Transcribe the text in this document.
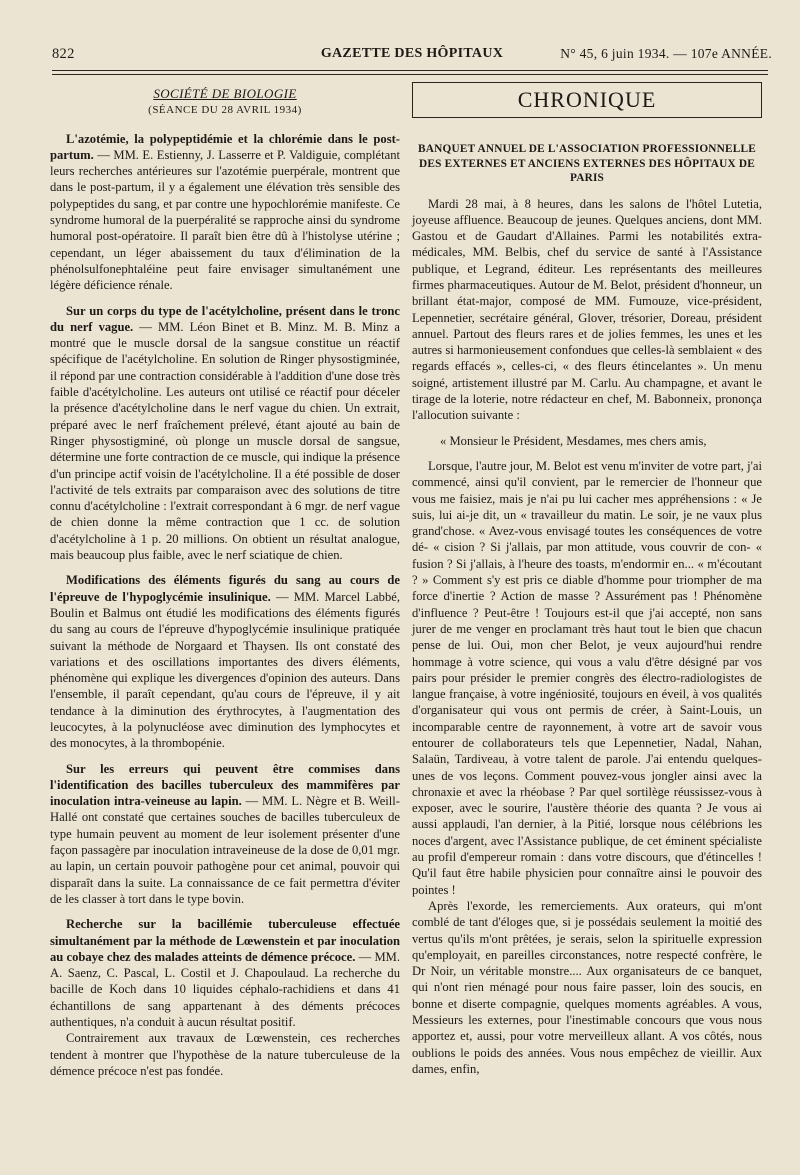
822	GAZETTE DES HÔPITAUX	N° 45, 6 juin 1934. — 107e ANNÉE.
SOCIÉTÉ DE BIOLOGIE
(SÉANCE DU 28 AVRIL 1934)

L'azotémie, la polypeptidémie et la chlorémie dans le post-partum. — MM. E. Estienny, J. Lasserre et P. Valdiguie, complétant leurs recherches antérieures sur l'azotémie puerpérale, montrent que dans le post-partum, il y a également une élévation très sensible des polypeptides du sang, et par contre une hypochlorémie manifeste. Ce syndrome humoral de la puerpéralité se rapproche ainsi du syndrome humoral post-opératoire. Il paraît bien être dû à l'histolyse utérine ; cependant, un léger abaissement du taux d'élimination de la phénolsulfonephtaléine peut faire envisager simultanément une légère déficience rénale.

Sur un corps du type de l'acétylcholine, présent dans le tronc du nerf vague. — MM. Léon Binet et B. Minz. M. B. Minz a montré que le muscle dorsal de la sangsue constitue un réactif spécifique de l'acétylcholine. En solution de Ringer physostigminée, il répond par une contraction considérable à l'addition d'une dose très faible d'acétylcholine. Les auteurs ont utilisé ce réactif pour déceler la présence d'acétylcholine dans le nerf vague du chien. Un extrait, préparé avec le nerf fraîchement prélevé, étant ajouté au bain de Ringer physostigminé, où plonge un muscle dorsal de sangsue, détermine une forte contraction de ce muscle, qui indique la présence d'un principe actif voisin de l'acétylcholine. Il a été possible de doser l'activité de tels extraits par comparaison avec des solutions de titre connu d'acétylcholine : l'extrait correspondant à 6 mgr. de nerf vague de chien donne la même contraction que 1 cc. de solution d'acétylcholine à 1 p. 20 millions. On obtient un résultat analogue, mais beaucoup plus faible, avec le nerf sciatique de chien.

Modifications des éléments figurés du sang au cours de l'épreuve de l'hypoglycémie insulinique. — MM. Marcel Labbé, Boulin et Balmus ont étudié les modifications des éléments figurés du sang au cours de l'épreuve d'hypoglycémie insulinique pratiquée suivant la méthode de Norgaard et Thaysen. Ils ont constaté des variations et des oscillations importantes des divers éléments, phénomène qui explique les divergences d'opinion des auteurs. Dans l'ensemble, il paraît cependant, qu'au cours de l'épreuve, il y ait tendance à la diminution des érythrocytes, à l'augmentation des leucocytes, à la polynucléose avec diminution des lymphocytes et des monocytes, à la thrombopénie.

Sur les erreurs qui peuvent être commises dans l'identification des bacilles tuberculeux des mammifères par inoculation intra-veineuse au lapin. — MM. L. Nègre et B. Weill-Hallé ont constaté que certaines souches de bacilles tuberculeux de type humain peuvent au moment de leur isolement présenter d'une façon passagère par inoculation intraveineuse de la dose de 0,01 mgr. au lapin, un certain pouvoir pathogène pour cet animal, pouvoir qui disparaît dans la suite. La connaissance de ce fait permettra d'éviter de les classer à tort dans le type bovin.

Recherche sur la bacillémie tuberculeuse effectuée simultanément par la méthode de Lœwenstein et par inoculation au cobaye chez des malades atteints de démence précoce. — MM. A. Saenz, C. Pascal, L. Costil et J. Chapoulaud. La recherche du bacille de Koch dans 10 liquides céphalo-rachidiens et dans 41 échantillons de sang appartenant à des déments précoces authentiques, n'a conduit à aucun résultat positif.

Contrairement aux travaux de Lœwenstein, ces recherches tendent à montrer que l'hypothèse de la nature tuberculeuse de la démence précoce n'est pas fondée.

CHRONIQUE
BANQUET ANNUEL DE L'ASSOCIATION PROFESSIONNELLE DES EXTERNES ET ANCIENS EXTERNES DES HÔPITAUX DE PARIS

Mardi 28 mai, à 8 heures, dans les salons de l'hôtel Lutetia, joyeuse affluence. Beaucoup de jeunes. Quelques anciens, dont MM. Gastou et de Gaudart d'Allaines. Parmi les notabilités extra-médicales, MM. Belbis, chef du service de santé à l'Assistance publique, et Legrand, éditeur. Les représentants des meilleures firmes pharmaceutiques. Autour de M. Belot, président d'honneur, un brillant état-major, composé de MM. Fumouze, vice-président, Lepennetier, secrétaire général, Glover, trésorier, Doreau, président annuel. Partout des fleurs rares et de jolies femmes, les unes et les autres si harmonieusement confondues que celles-là semblaient « des regards effacés », celles-ci, « des fleurs étincelantes ». Un menu soigné, artistement illustré par M. Carlu. Au champagne, et avant le tirage de la loterie, notre rédacteur en chef, M. Babonneix, prononça l'allocution suivante :

« Monsieur le Président, Mesdames, mes chers amis,

Lorsque, l'autre jour, M. Belot est venu m'inviter de votre part, j'ai commencé, ainsi qu'il convient, par le remercier de l'honneur que vous me faisiez, mais je n'ai pu lui cacher mes appréhensions : « Je suis, lui ai-je dit, un « travailleur du matin. Le soir, je ne vaux plus grand'chose. « Avez-vous envisagé toutes les conséquences de votre dé- « cision ? Si j'allais, par mon attitude, vous couvrir de con- « fusion ? Si j'allais, à l'heure des toasts, m'endormir en... « m'écoutant ? » Comment s'y est pris ce diable d'homme pour triompher de ma force d'inertie ? Action de masse ? Assurément pas ! Phénomène d'influence ? Peut-être ! Toujours est-il que j'ai accepté, non sans jurer de me venger en proclamant très haut tout le bien que chacun pense de lui. Oui, mon cher Belot, je veux aujourd'hui rendre hommage à votre science, qui vous a valu d'être désigné par vos pairs pour présider le premier congrès des électro-radiologistes de langue française, à votre ingéniosité, toujours en éveil, à vos qualités d'organisateur qui vous ont permis de créer, à Saint-Louis, un incomparable centre de rayonnement, à votre art de savoir vous entourer de collaborateurs tels que Lepennetier, Nadal, Nahan, Salaün, Tardiveau, à votre talent de parole. J'ai entendu quelques-unes de vos leçons. Comment pouvez-vous jongler ainsi avec la chronaxie et avec la rhéobase ? Par quel sortilège réussissez-vous à exposer, avec le sourire, l'austère théorie des quanta ? Je vous ai aussi applaudi, l'an dernier, à la Pitié, lorsque nous célébrions les noces d'argent, avec l'Assistance publique, de cet éminent spécialiste au profil d'empereur romain : dans votre discours, que d'étincelles ! Qu'il faut être habile physicien pour connaître ainsi le pouvoir des pointes !

Après l'exorde, les remerciements. Aux orateurs, qui m'ont comblé de tant d'éloges que, si je possédais seulement la moitié des vertus qu'ils m'ont prêtées, je serais, selon la spirituelle expression qu'employait, en pareilles circonstances, notre respecté confrère, le Dr Noir, un véritable monstre.... Aux organisateurs de ce banquet, qui n'ont rien ménagé pour nous faire passer, loin des soucis, en bonne et diserte compagnie, quelques moments agréables. A vous, Messieurs les externes, pour l'inestimable concours que vous nous apportez et, aussi, pour votre merveilleux allant. A vos côtés, nous oublions le poids des années. Vous nous empêchez de vieillir. Aux dames, enfin,
